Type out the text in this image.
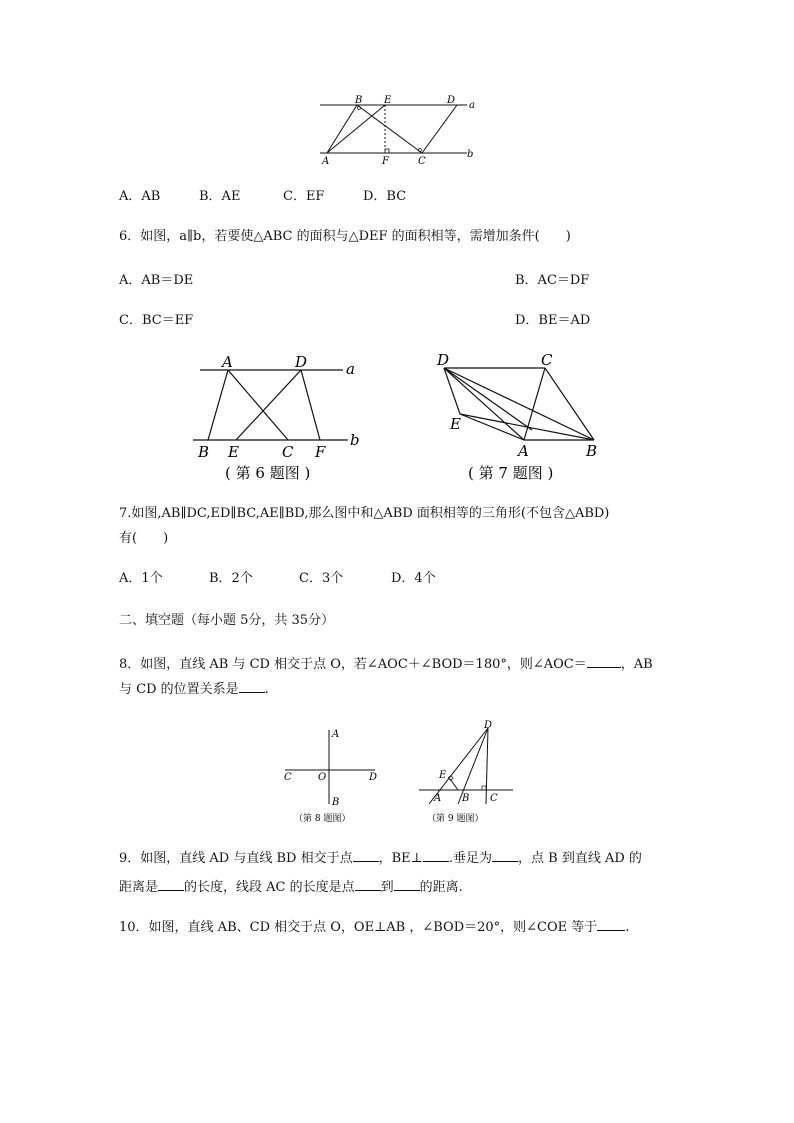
B E	D a
A	F	C
b
A．AB	B．AE	C．EF	D．BC
6．如图，a∥b，若要使△ABC 的面积与△DEF 的面积相等，需增加条件(　　)
A．AB＝DE	B．AC＝DF
C．BC＝EF	D．BE＝AD
A	D	a
B E	C F
b
( 第 6 题图 )
D	C
E
A	B
( 第 7 题图 )
7.如图,AB∥DC,ED∥BC,AE∥BD,那么图中和△ABD 面积相等的三角形(不包含△ABD)
有(　　)
A．1个	B．2个	C．3个	D．4个
二、填空题（每小题 5分，共 35分）
8．如图，直线 AB 与 CD 相交于点 O，若∠AOC＋∠BOD＝180°，则∠AOC＝	，AB
与 CD 的位置关系是 .
A
C	O	D
B
（第 8 题图）
D
E
A B C
（第 9 题图）
9．如图，直线 AD 与直线 BD 相交于点 ，BE⊥ .垂足为 ，点 B 到直线 AD 的
距离是 的长度，线段 AC 的长度是点 到 的距离.
10．如图，直线 AB、CD 相交于点 O，OE⊥AB ，∠BOD＝20°，则∠COE 等于 .
